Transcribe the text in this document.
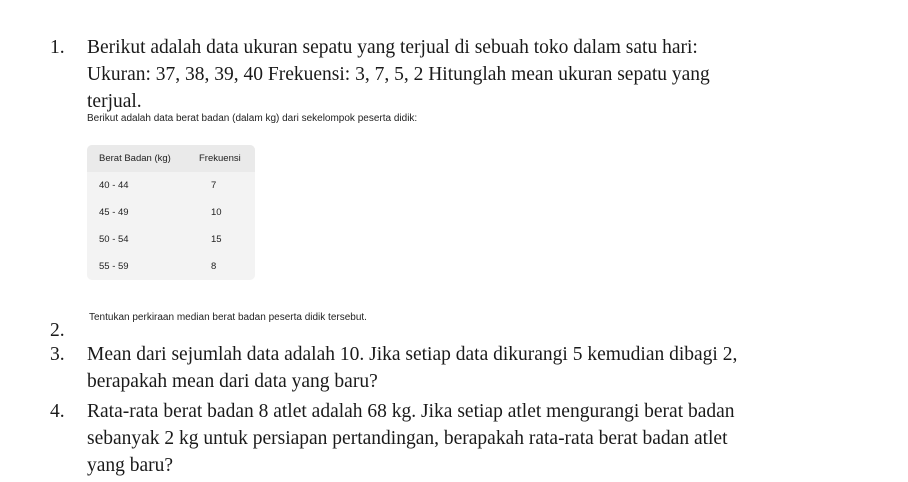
1. Berikut adalah data ukuran sepatu yang terjual di sebuah toko dalam satu hari:
Ukuran: 37, 38, 39, 40 Frekuensi: 3, 7, 5, 2 Hitunglah mean ukuran sepatu yang
terjual.
Berikut adalah data berat badan (dalam kg) dari sekelompok peserta didik:
Berat Badan (kg)	Frekuensi
40 - 44	7
45 - 49	10
50 - 54	15
55 - 59	8
Tentukan perkiraan median berat badan peserta didik tersebut.
2.
3. Mean dari sejumlah data adalah 10. Jika setiap data dikurangi 5 kemudian dibagi 2,
berapakah mean dari data yang baru?
4. Rata-rata berat badan 8 atlet adalah 68 kg. Jika setiap atlet mengurangi berat badan
sebanyak 2 kg untuk persiapan pertandingan, berapakah rata-rata berat badan atlet
yang baru?
